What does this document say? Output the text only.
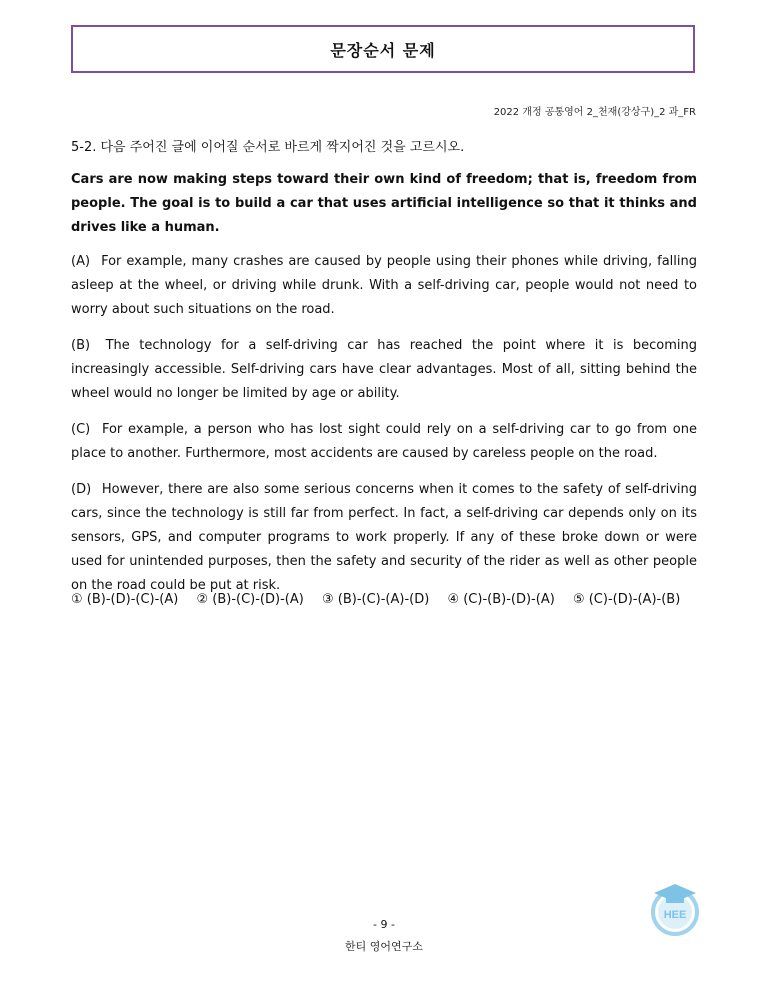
문장순서 문제
2022 개정 공통영어 2_천재(강상구)_2 과_FR
5-2. 다음 주어진 글에 이어질 순서로 바르게 짝지어진 것을 고르시오.

Cars are now making steps toward their own kind of freedom; that is, freedom from people. The goal is to build a car that uses artificial intelligence so that it thinks and drives like a human.

(A) For example, many crashes are caused by people using their phones while driving, falling asleep at the wheel, or driving while drunk. With a self-driving car, people would not need to worry about such situations on the road.

(B) The technology for a self-driving car has reached the point where it is becoming increasingly accessible. Self-driving cars have clear advantages. Most of all, sitting behind the wheel would no longer be limited by age or ability.

(C) For example, a person who has lost sight could rely on a self-driving car to go from one place to another. Furthermore, most accidents are caused by careless people on the road.

(D) However, there are also some serious concerns when it comes to the safety of self-driving cars, since the technology is still far from perfect. In fact, a self-driving car depends only on its sensors, GPS, and computer programs to work properly. If any of these broke down or were used for unintended purposes, then the safety and security of the rider as well as other people on the road could be put at risk.

① (B)-(D)-(C)-(A) ② (B)-(C)-(D)-(A) ③ (B)-(C)-(A)-(D) ④ (C)-(B)-(D)-(A) ⑤ (C)-(D)-(A)-(B)
HEE
- 9 -
한티 영어연구소
